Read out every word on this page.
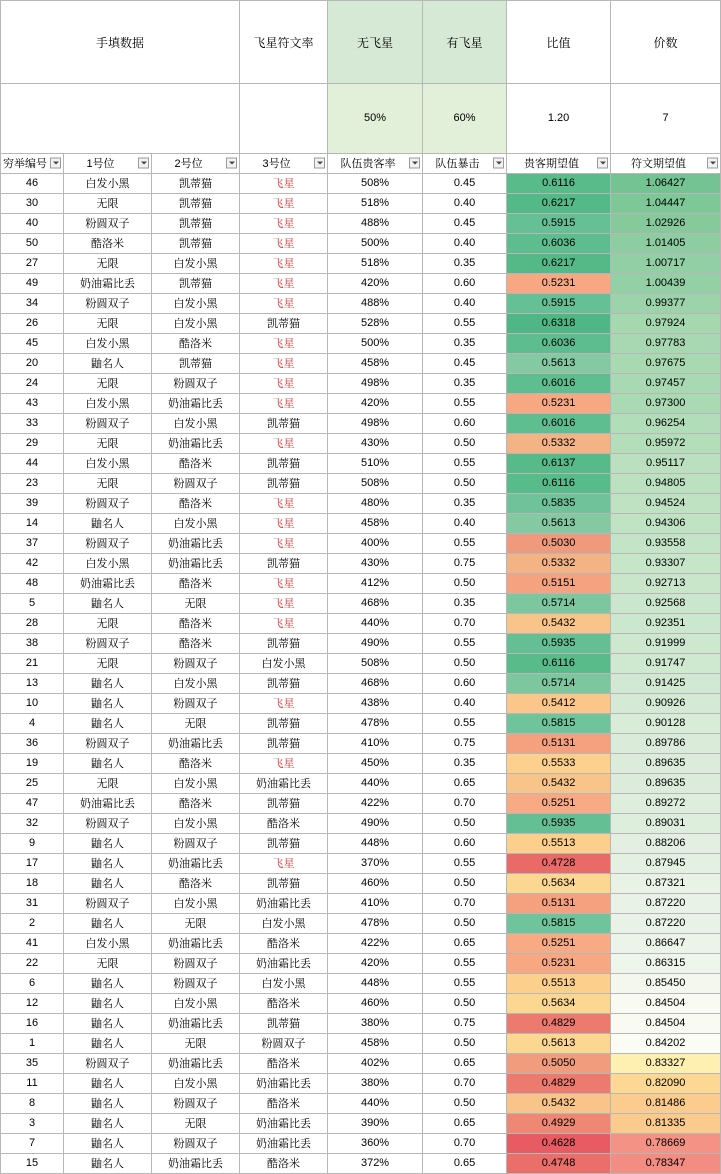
手填数据			飞星符文率	无飞星	有飞星	比值	价数	
				50%	60%	1.20	7	
穷举编号	1号位	2号位	3号位	队伍贵客率	队伍暴击	贵客期望值	符文期望值	

46	白发小黑	凯蒂猫	飞星	508%	0.45	0.6116	1.06427	
30	无限	凯蒂猫	飞星	518%	0.40	0.6217	1.04447	
40	粉圆双子	凯蒂猫	飞星	488%	0.45	0.5915	1.02926	
50	酷洛米	凯蒂猫	飞星	500%	0.40	0.6036	1.01405	
27	无限	白发小黑	飞星	518%	0.35	0.6217	1.00717	
49	奶油霜比丢	凯蒂猫	飞星	420%	0.60	0.5231	1.00439	
34	粉圆双子	白发小黑	飞星	488%	0.40	0.5915	0.99377	
26	无限	白发小黑	凯蒂猫	528%	0.55	0.6318	0.97924	
45	白发小黑	酷洛米	飞星	500%	0.35	0.6036	0.97783	
20	鼬名人	凯蒂猫	飞星	458%	0.45	0.5613	0.97675	
24	无限	粉圆双子	飞星	498%	0.35	0.6016	0.97457	
43	白发小黑	奶油霜比丢	飞星	420%	0.55	0.5231	0.97300	
33	粉圆双子	白发小黑	凯蒂猫	498%	0.60	0.6016	0.96254	
29	无限	奶油霜比丢	飞星	430%	0.50	0.5332	0.95972	
44	白发小黑	酷洛米	凯蒂猫	510%	0.55	0.6137	0.95117	
23	无限	粉圆双子	凯蒂猫	508%	0.50	0.6116	0.94805	
39	粉圆双子	酷洛米	飞星	480%	0.35	0.5835	0.94524	
14	鼬名人	白发小黑	飞星	458%	0.40	0.5613	0.94306	
37	粉圆双子	奶油霜比丢	飞星	400%	0.55	0.5030	0.93558	
42	白发小黑	奶油霜比丢	凯蒂猫	430%	0.75	0.5332	0.93307	
48	奶油霜比丢	酷洛米	飞星	412%	0.50	0.5151	0.92713	
5	鼬名人	无限	飞星	468%	0.35	0.5714	0.92568	
28	无限	酷洛米	飞星	440%	0.70	0.5432	0.92351	
38	粉圆双子	酷洛米	凯蒂猫	490%	0.55	0.5935	0.91999	
21	无限	粉圆双子	白发小黑	508%	0.50	0.6116	0.91747	
13	鼬名人	白发小黑	凯蒂猫	468%	0.60	0.5714	0.91425	
10	鼬名人	粉圆双子	飞星	438%	0.40	0.5412	0.90926	
4	鼬名人	无限	凯蒂猫	478%	0.55	0.5815	0.90128	
36	粉圆双子	奶油霜比丢	凯蒂猫	410%	0.75	0.5131	0.89786	
19	鼬名人	酷洛米	飞星	450%	0.35	0.5533	0.89635	
25	无限	白发小黑	奶油霜比丢	440%	0.65	0.5432	0.89635	
47	奶油霜比丢	酷洛米	凯蒂猫	422%	0.70	0.5251	0.89272	
32	粉圆双子	白发小黑	酷洛米	490%	0.50	0.5935	0.89031	
9	鼬名人	粉圆双子	凯蒂猫	448%	0.60	0.5513	0.88206	
17	鼬名人	奶油霜比丢	飞星	370%	0.55	0.4728	0.87945	
18	鼬名人	酷洛米	凯蒂猫	460%	0.50	0.5634	0.87321	
31	粉圆双子	白发小黑	奶油霜比丢	410%	0.70	0.5131	0.87220	
2	鼬名人	无限	白发小黑	478%	0.50	0.5815	0.87220	
41	白发小黑	奶油霜比丢	酷洛米	422%	0.65	0.5251	0.86647	
22	无限	粉圆双子	奶油霜比丢	420%	0.55	0.5231	0.86315	
6	鼬名人	粉圆双子	白发小黑	448%	0.55	0.5513	0.85450	
12	鼬名人	白发小黑	酷洛米	460%	0.50	0.5634	0.84504	
16	鼬名人	奶油霜比丢	凯蒂猫	380%	0.75	0.4829	0.84504	
1	鼬名人	无限	粉圆双子	458%	0.50	0.5613	0.84202	
35	粉圆双子	奶油霜比丢	酷洛米	402%	0.65	0.5050	0.83327	
11	鼬名人	白发小黑	奶油霜比丢	380%	0.70	0.4829	0.82090	
8	鼬名人	粉圆双子	酷洛米	440%	0.50	0.5432	0.81486	
3	鼬名人	无限	奶油霜比丢	390%	0.65	0.4929	0.81335	
7	鼬名人	粉圆双子	奶油霜比丢	360%	0.70	0.4628	0.78669	
15	鼬名人	奶油霜比丢	酷洛米	372%	0.65	0.4748	0.78347	
